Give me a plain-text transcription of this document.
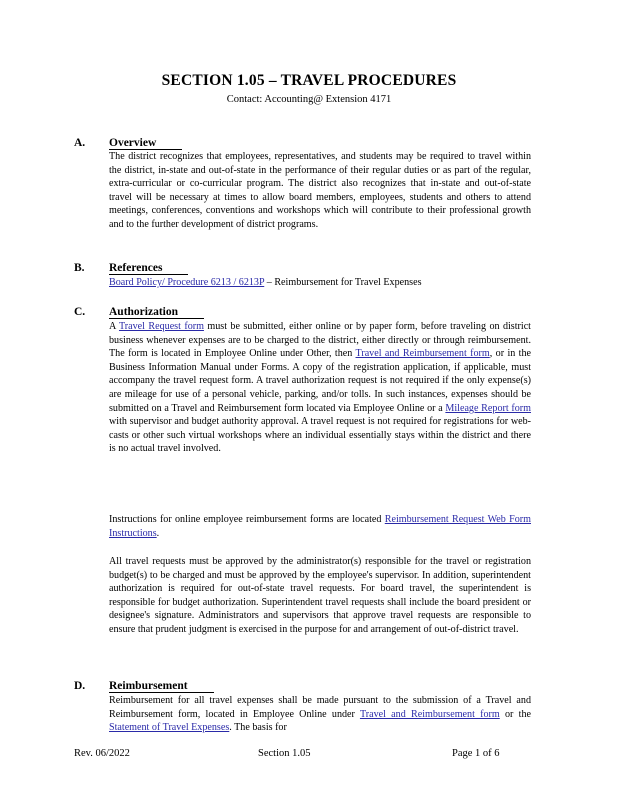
SECTION 1.05 – TRAVEL PROCEDURES
Contact: Accounting@ Extension 4171
A. Overview
The district recognizes that employees, representatives, and students may be required to travel within the district, in-state and out-of-state in the performance of their regular duties or as part of the regular, extra-curricular or co-curricular program. The district also recognizes that in-state and out-of-state travel will be necessary at times to allow board members, employees, students and others to attend meetings, conferences, conventions and workshops which will contribute to their professional growth and to the further development of district programs.
B. References
Board Policy/ Procedure 6213 / 6213P – Reimbursement for Travel Expenses
C. Authorization
A Travel Request form must be submitted, either online or by paper form, before traveling on district business whenever expenses are to be charged to the district, either directly or through reimbursement. The form is located in Employee Online under Other, then Travel and Reimbursement form, or in the Business Information Manual under Forms. A copy of the registration application, if applicable, must accompany the travel request form. A travel authorization request is not required if the only expense(s) are mileage for use of a personal vehicle, parking, and/or tolls. In such instances, expenses should be submitted on a Travel and Reimbursement form located via Employee Online or a Mileage Report form with supervisor and budget authority approval. A travel request is not required for registrations for web-casts or other such virtual workshops where an individual essentially stays within the district and there is no actual travel involved.
Instructions for online employee reimbursement forms are located Reimbursement Request Web Form Instructions.
All travel requests must be approved by the administrator(s) responsible for the travel or registration budget(s) to be charged and must be approved by the employee's supervisor. In addition, superintendent authorization is required for out-of-state travel requests. For board travel, the superintendent is responsible for budget authorization. Superintendent travel requests shall include the board president or designee's signature. Administrators and supervisors that approve travel requests are responsible to ensure that prudent judgment is exercised in the purpose for and arrangement of out-of-district travel.
D. Reimbursement
Reimbursement for all travel expenses shall be made pursuant to the submission of a Travel and Reimbursement form, located in Employee Online under Travel and Reimbursement form or the Statement of Travel Expenses. The basis for
Rev. 06/2022	Section 1.05	Page 1 of 6
